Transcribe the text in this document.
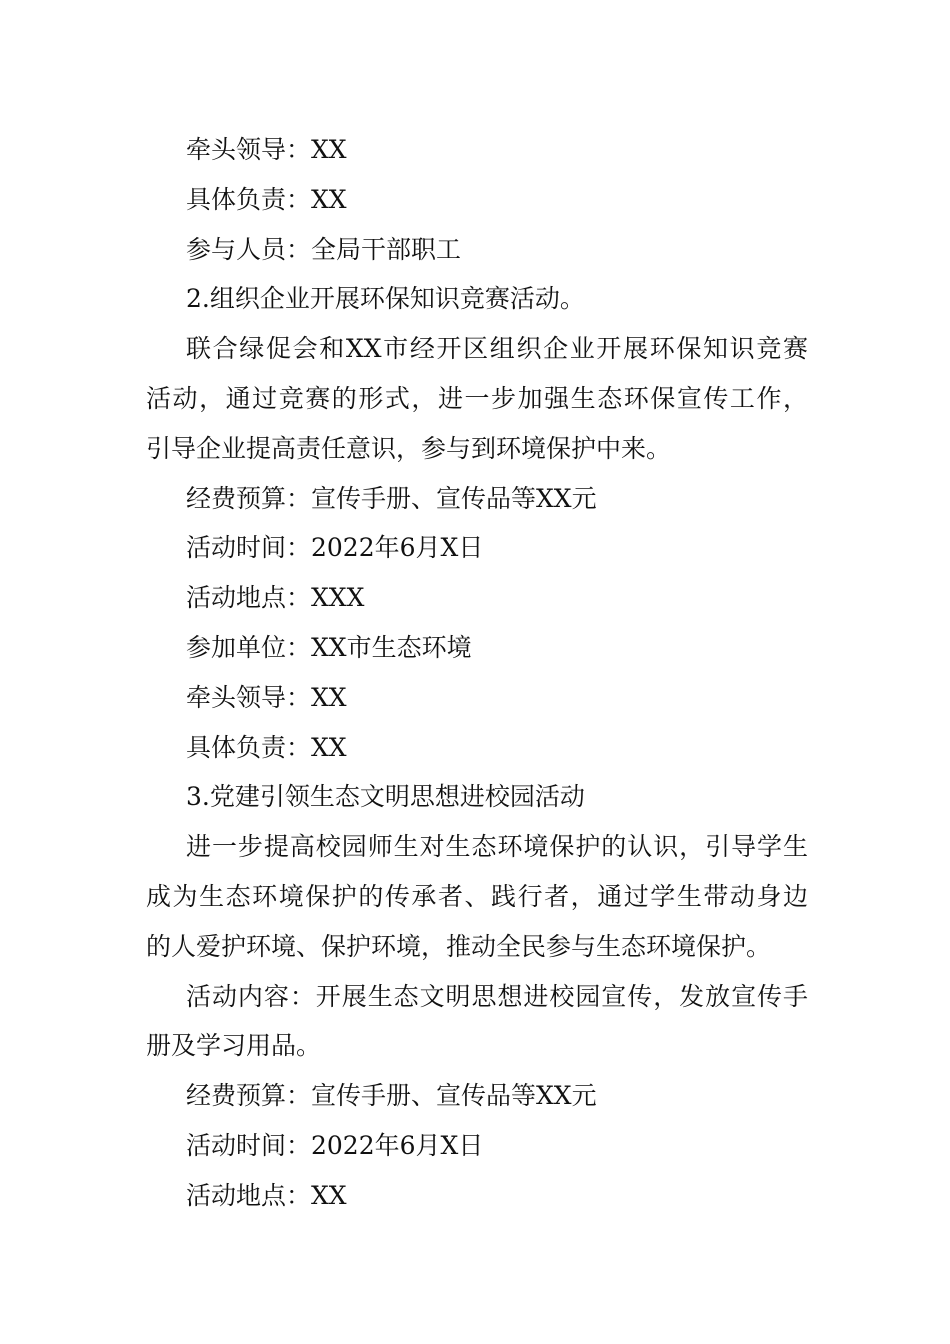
牵头领导：XX
具体负责：XX
参与人员：全局干部职工
2.组织企业开展环保知识竞赛活动。
联合绿促会和XX市经开区组织企业开展环保知识竞赛
活动，通过竞赛的形式，进一步加强生态环保宣传工作，
引导企业提高责任意识，参与到环境保护中来。
经费预算：宣传手册、宣传品等XX元
活动时间：2022年6月X日
活动地点：XXX
参加单位：XX市生态环境
牵头领导：XX
具体负责：XX
3.党建引领生态文明思想进校园活动
进一步提高校园师生对生态环境保护的认识，引导学生
成为生态环境保护的传承者、践行者，通过学生带动身边
的人爱护环境、保护环境，推动全民参与生态环境保护。
活动内容：开展生态文明思想进校园宣传，发放宣传手
册及学习用品。
经费预算：宣传手册、宣传品等XX元
活动时间：2022年6月X日
活动地点：XX
